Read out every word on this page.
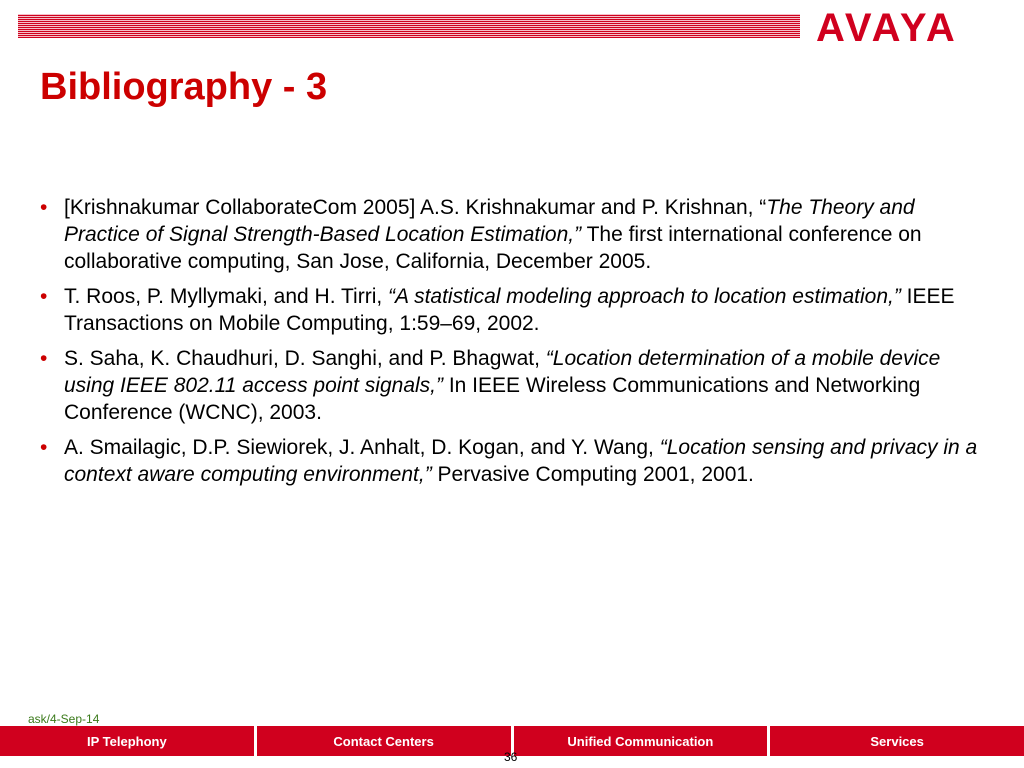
AVAYA
Bibliography - 3
• [Krishnakumar CollaborateCom 2005] A.S. Krishnakumar and P. Krishnan, “The Theory and Practice of Signal Strength-Based Location Estimation,” The first international conference on collaborative computing, San Jose, California, December 2005.
• T. Roos, P. Myllymaki, and H. Tirri, “A statistical modeling approach to location estimation,” IEEE Transactions on Mobile Computing, 1:59–69, 2002.
• S. Saha, K. Chaudhuri, D. Sanghi, and P. Bhagwat, “Location determination of a mobile device using IEEE 802.11 access point signals,” In IEEE Wireless Communications and Networking Conference (WCNC), 2003.
• A. Smailagic, D.P. Siewiorek, J. Anhalt, D. Kogan, and Y. Wang, “Location sensing and privacy in a context aware computing environment,” Pervasive Computing 2001, 2001.
ask/4-Sep-14
IP Telephony	Contact Centers	Unified Communication	Services
36
